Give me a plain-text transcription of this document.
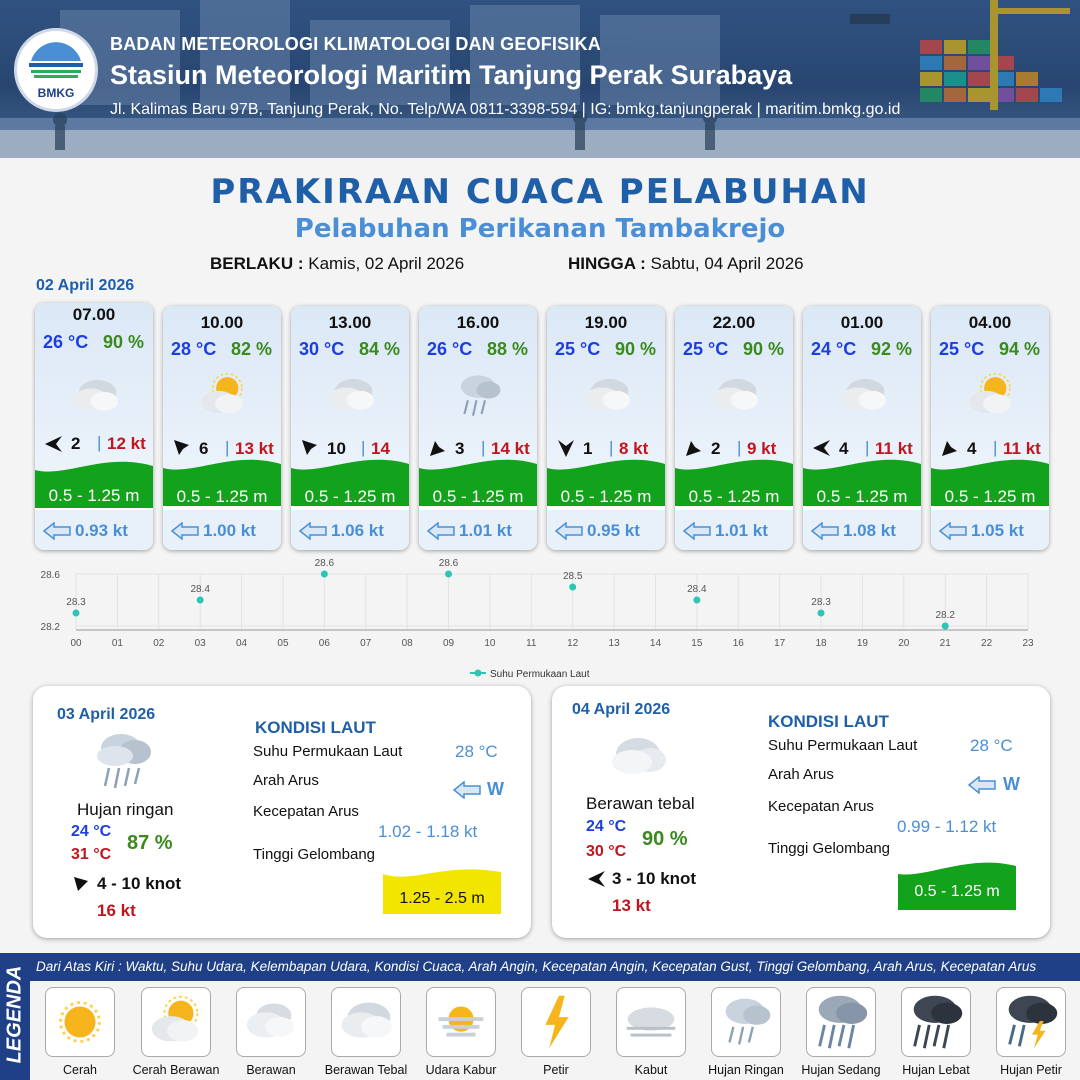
BMKG
BADAN METEOROLOGI KLIMATOLOGI DAN GEOFISIKA
Stasiun Meteorologi Maritim Tanjung Perak Surabaya
Jl. Kalimas Baru 97B, Tanjung Perak, No. Telp/WA 0811-3398-594 | IG: bmkg.tanjungperak | maritim.bmkg.go.id
PRAKIRAAN CUACA PELABUHAN
Pelabuhan Perikanan Tambakrejo
BERLAKU : Kamis, 02 April 2026	HINGGA : Sabtu, 04 April 2026
02 April 2026
07.00
26 °C 90 %
2 | 12 kt
0.5 - 1.25 m
0.93 kt
10.00
28 °C 82 %
6 | 13 kt
0.5 - 1.25 m
1.00 kt
13.00
30 °C 84 %
10 | 14
0.5 - 1.25 m
1.06 kt
16.00
26 °C 88 %
3 | 14 kt
0.5 - 1.25 m
1.01 kt
19.00
25 °C 90 %
1 | 8 kt
0.5 - 1.25 m
0.95 kt
22.00
25 °C 90 %
2 | 9 kt
0.5 - 1.25 m
1.01 kt
01.00
24 °C 92 %
4 | 11 kt
0.5 - 1.25 m
1.08 kt
04.00
25 °C 94 %
4 | 11 kt
0.5 - 1.25 m
1.05 kt
28.6
28.2
00	01	02	03	04	05	06	07	08	09	10	11	12	13	14	15	16	17	18	19	20	21	22	23
28.3
28.4
28.6	28.6
28.5
28.4
28.3
28.2
Suhu Permukaan Laut
03 April 2026
Hujan ringan
24 °C
31 °C
87 %
4 - 10 knot
16 kt
KONDISI LAUT
Suhu Permukaan Laut	28 °C
Arah Arus	W
Kecepatan Arus
1.02 - 1.18 kt
Tinggi Gelombang
1.25 - 2.5 m
04 April 2026
Berawan tebal
24 °C
30 °C
90 %
3 - 10 knot
13 kt
KONDISI LAUT
Suhu Permukaan Laut	28 °C
Arah Arus	W
Kecepatan Arus
0.99 - 1.12 kt
Tinggi Gelombang
0.5 - 1.25 m
LEGENDA Dari Atas Kiri : Waktu, Suhu Udara, Kelembapan Udara, Kondisi Cuaca, Arah Angin, Kecepatan Angin, Kecepatan Gust, Tinggi Gelombang, Arah Arus, Kecepatan Arus
Cerah	Cerah Berawan	Berawan	Berawan Tebal	Udara Kabur	Petir	Kabut	Hujan Ringan	Hujan Sedang	Hujan Lebat	Hujan Petir
